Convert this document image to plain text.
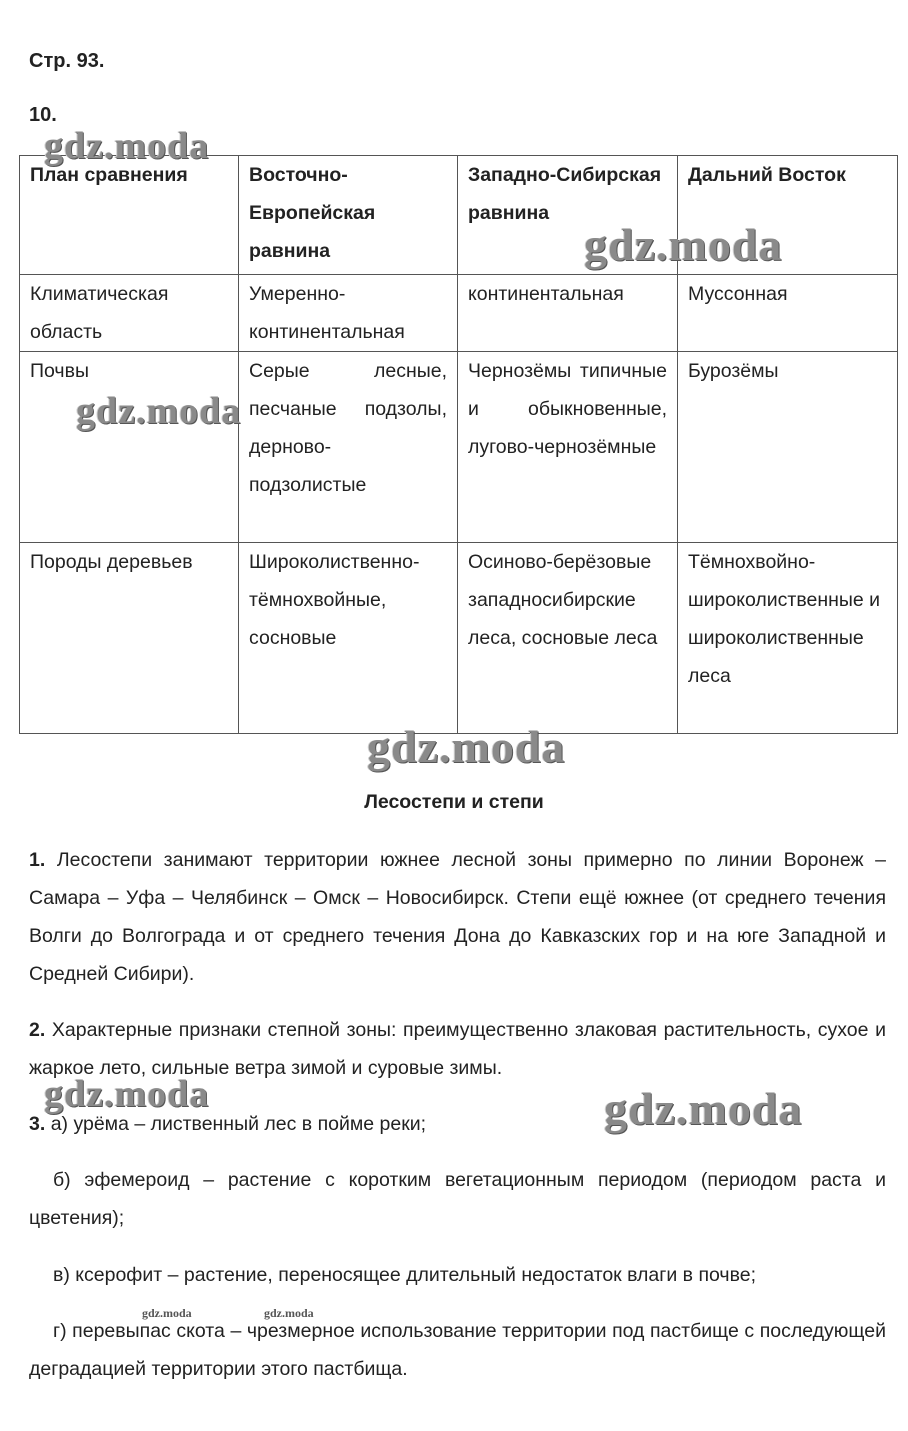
Стр. 93.
10.
План сравнения	Восточно-Европейская равнина	Западно-Сибирская равнина	Дальний Восток
Климатическая область	Умеренно-континентальная	континентальная	Муссонная
Почвы	Серые лесные, песчаные подзолы, дерново-подзолистые	Чернозёмы типичные и обыкновенные, лугово-чернозёмные	Бурозёмы
Породы деревьев	Широколиственно-тёмнохвойные, сосновые	Осиново-берёзовые западносибирские леса, сосновые леса	Тёмнохвойно-широколиственные и широколиственные леса
Лесостепи и степи

1. Лесостепи занимают территории южнее лесной зоны примерно по линии Воронеж – Самара – Уфа – Челябинск – Омск – Новосибирск. Степи ещё южнее (от среднего течения Волги до Волгограда и от среднего течения Дона до Кавказских гор и на юге Западной и Средней Сибири).

2. Характерные признаки степной зоны: преимущественно злаковая растительность, сухое и жаркое лето, сильные ветра зимой и суровые зимы.

3. а) урёма – лиственный лес в пойме реки;

б) эфемероид – растение с коротким вегетационным периодом (периодом раста и цветения);

в) ксерофит – растение, переносящее длительный недостаток влаги в почве;

г) перевыпас скота – чрезмерное использование территории под пастбище с последующей деградацией территории этого пастбища.

gdz.moda
gdz.moda
gdz.moda
gdz.moda
gdz.moda	gdz.moda
gdz.moda	gdz.moda
